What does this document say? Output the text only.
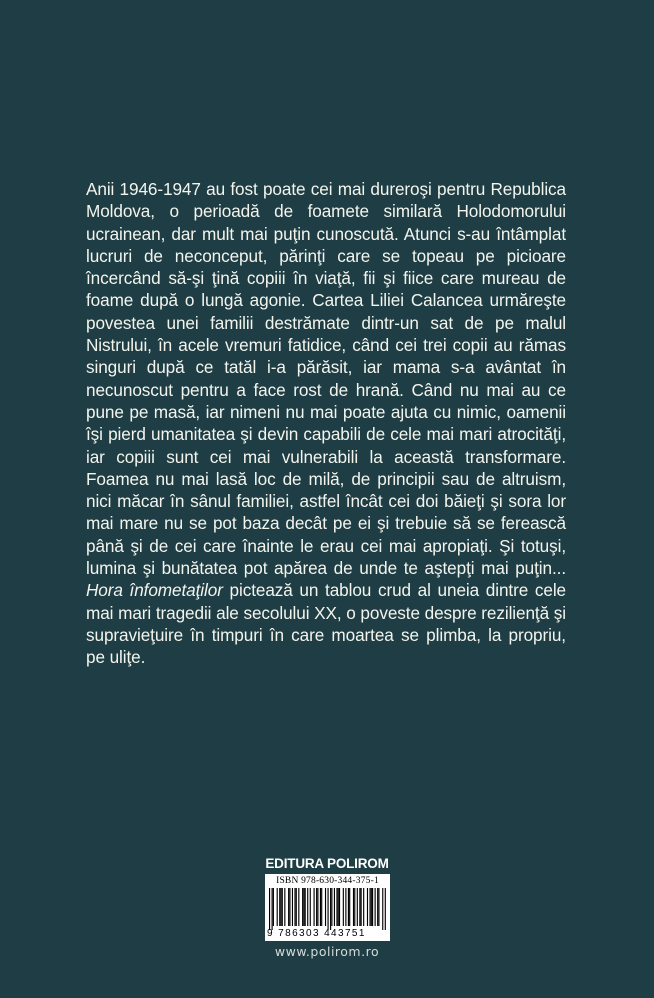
Anii 1946-1947 au fost poate cei mai dureroşi pentru Republica Moldova, o perioadă de foamete similară Holodomorului ucrainean, dar mult mai puţin cunoscută. Atunci s-au întâmplat lucruri de neconceput, părinţi care se topeau pe picioare încercând să-şi ţină copiii în viaţă, fii şi fiice care mureau de foame după o lungă agonie. Cartea Liliei Calancea urmăreşte povestea unei familii destrămate dintr-un sat de pe malul Nistrului, în acele vremuri fatidice, când cei trei copii au rămas singuri după ce tatăl i-a părăsit, iar mama s-a avântat în necunoscut pentru a face rost de hrană. Când nu mai au ce pune pe masă, iar nimeni nu mai poate ajuta cu nimic, oamenii îşi pierd umanitatea şi devin capabili de cele mai mari atrocităţi, iar copiii sunt cei mai vulnerabili la această transformare. Foamea nu mai lasă loc de milă, de principii sau de altruism, nici măcar în sânul familiei, astfel încât cei doi băieţi şi sora lor mai mare nu se pot baza decât pe ei şi trebuie să se ferească până şi de cei care înainte le erau cei mai apropiaţi. Şi totuşi, lumina şi bunătatea pot apărea de unde te aştepţi mai puţin... Hora înfometaţilor pictează un tablou crud al uneia dintre cele mai mari tragedii ale secolului XX, o poveste despre rezilienţă şi supravieţuire în timpuri în care moartea se plimba, la propriu, pe uliţe.

EDITURA POLIROM
ISBN 978-630-344-375-1
9 786303 443751
www.polirom.ro
